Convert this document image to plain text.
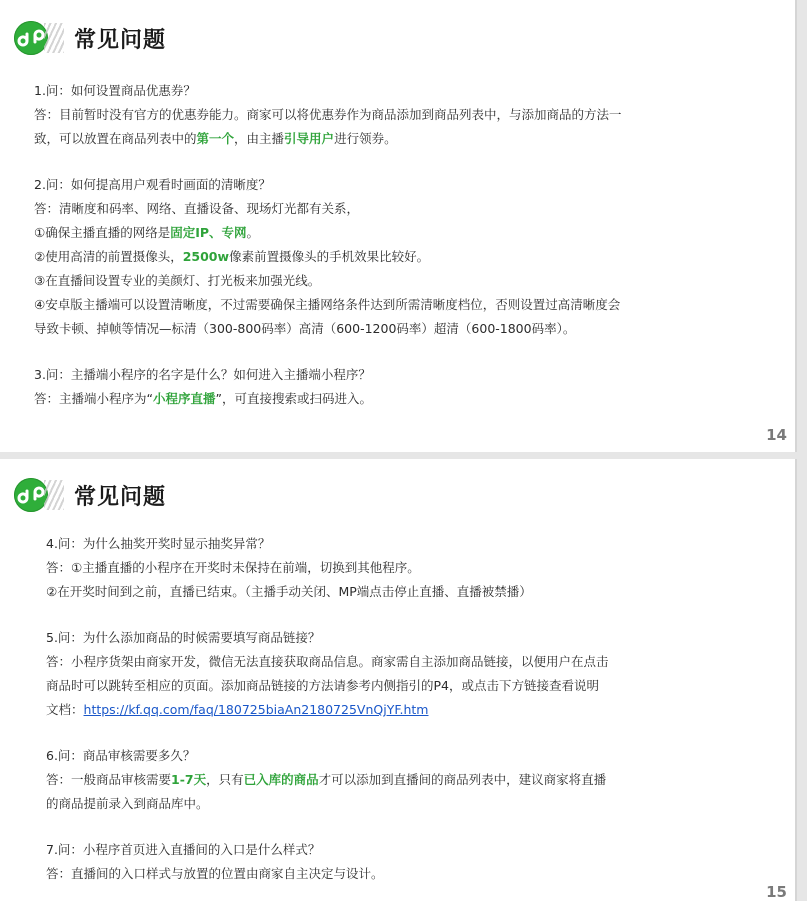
常见问题
1.问：如何设置商品优惠券？
答：目前暂时没有官方的优惠券能力。商家可以将优惠券作为商品添加到商品列表中，与添加商品的方法一
致，可以放置在商品列表中的第一个，由主播引导用户进行领券。
2.问：如何提高用户观看时画面的清晰度？
答：清晰度和码率、网络、直播设备、现场灯光都有关系，
①确保主播直播的网络是固定IP、专网。
②使用高清的前置摄像头，2500w像素前置摄像头的手机效果比较好。
③在直播间设置专业的美颜灯、打光板来加强光线。
④安卓版主播端可以设置清晰度，不过需要确保主播网络条件达到所需清晰度档位，否则设置过高清晰度会
导致卡顿、掉帧等情况—标清（300-800码率）高清（600-1200码率）超清（600-1800码率）。
3.问：主播端小程序的名字是什么？如何进入主播端小程序？
答：主播端小程序为“小程序直播”，可直接搜索或扫码进入。
14
常见问题
4.问：为什么抽奖开奖时显示抽奖异常？
答：①主播直播的小程序在开奖时未保持在前端，切换到其他程序。
②在开奖时间到之前，直播已结束。（主播手动关闭、MP端点击停止直播、直播被禁播）
5.问：为什么添加商品的时候需要填写商品链接？
答：小程序货架由商家开发，微信无法直接获取商品信息。商家需自主添加商品链接，以便用户在点击
商品时可以跳转至相应的页面。添加商品链接的方法请参考内侧指引的P4，或点击下方链接查看说明
文档：https://kf.qq.com/faq/180725biaAn2180725VnQjYF.htm
6.问：商品审核需要多久？
答：一般商品审核需要1-7天，只有已入库的商品才可以添加到直播间的商品列表中，建议商家将直播
的商品提前录入到商品库中。
7.问：小程序首页进入直播间的入口是什么样式？
答：直播间的入口样式与放置的位置由商家自主决定与设计。
15
